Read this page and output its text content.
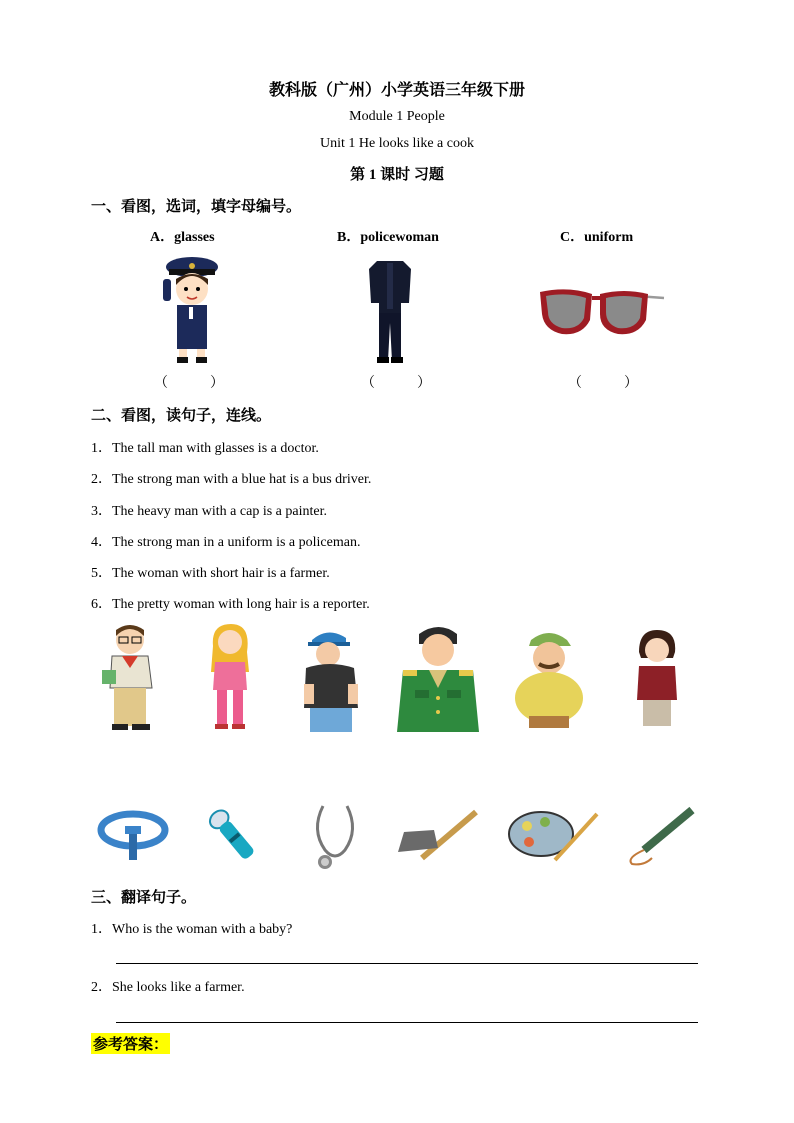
教科版（广州）小学英语三年级下册
Module 1 People
Unit 1 He looks like a cook
第 1 课时 习题
一、看图，选词，填字母编号。
A．glasses	B．policewoman	C．uniform
（　　　）	（　　　）	（　　　）
二、看图，读句子，连线。
1．The tall man with glasses is a doctor.
2．The strong man with a blue hat is a bus driver.
3．The heavy man with a cap is a painter.
4．The strong man in a uniform is a policeman.
5．The woman with short hair is a farmer.
6．The pretty woman with long hair is a reporter.
三、翻译句子。
1．Who is the woman with a baby?
2．She looks like a farmer.
参考答案：
